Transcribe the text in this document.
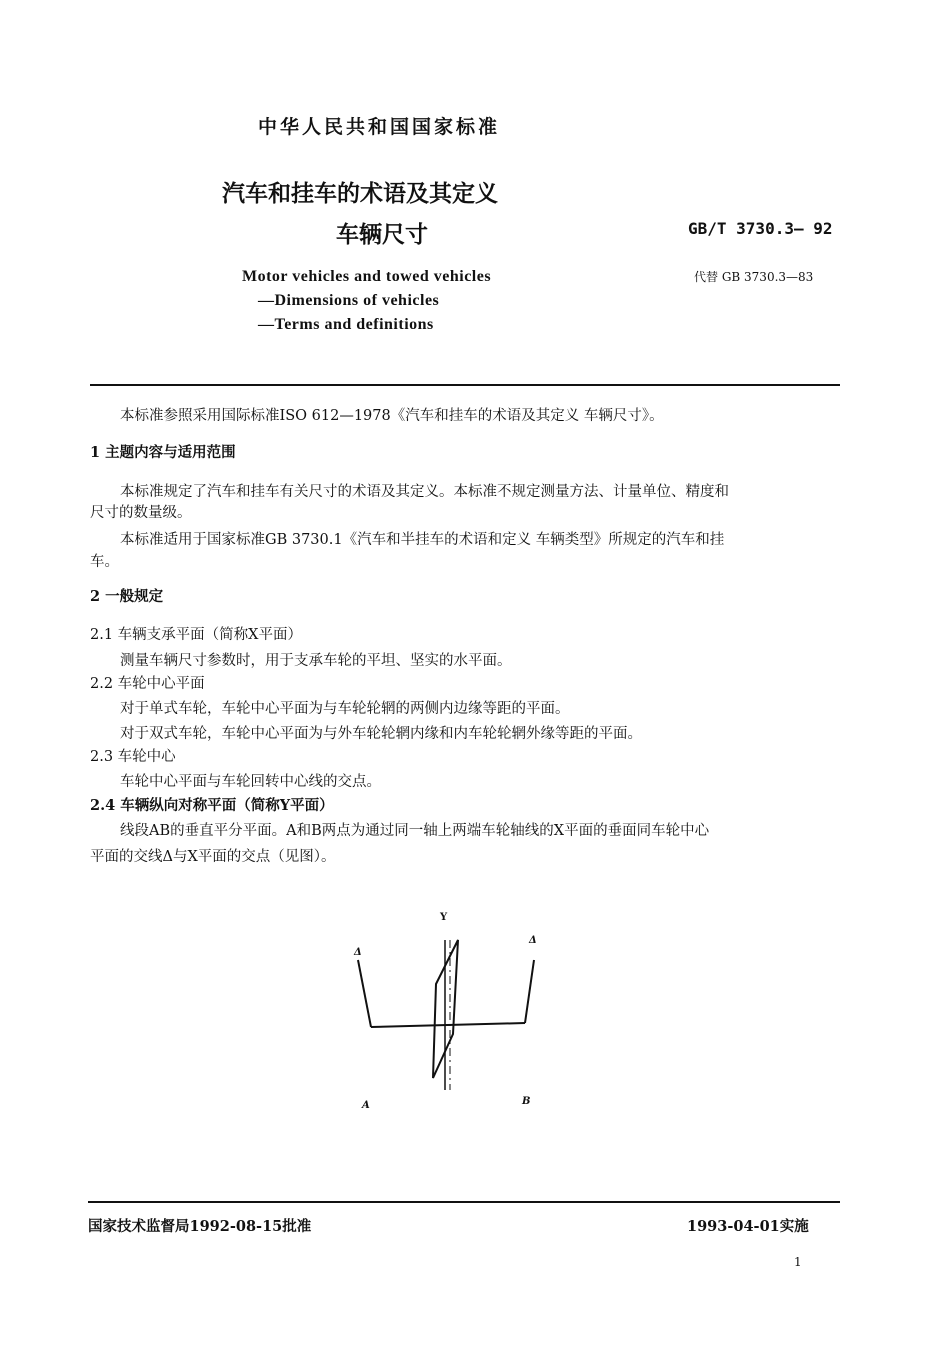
中华人民共和国国家标准
汽车和挂车的术语及其定义
车辆尺寸	GB/T 3730.3— 92
代替 GB 3730.3—83
Motor vehicles and towed vehicles
—Dimensions of vehicles
—Terms and definitions
本标准参照采用国际标准ISO 612—1978《汽车和挂车的术语及其定义 车辆尺寸》。
1 主题内容与适用范围
本标准规定了汽车和挂车有关尺寸的术语及其定义。本标准不规定测量方法、计量单位、精度和
尺寸的数量级。
本标准适用于国家标准GB 3730.1《汽车和半挂车的术语和定义 车辆类型》所规定的汽车和挂
车。
2 一般规定
2.1 车辆支承平面（简称X平面）
测量车辆尺寸参数时，用于支承车轮的平坦、坚实的水平面。
2.2 车轮中心平面
对于单式车轮，车轮中心平面为与车轮轮辋的两侧内边缘等距的平面。
对于双式车轮，车轮中心平面为与外车轮轮辋内缘和内车轮轮辋外缘等距的平面。
2.3 车轮中心
车轮中心平面与车轮回转中心线的交点。
2.4 车辆纵向对称平面（简称Y平面）
线段AB的垂直平分平面。A和B两点为通过同一轴上两端车轮轴线的X平面的垂面同车轮中心
平面的交线Δ与X平面的交点（见图）。
Y
Δ
Δ
A	B
国家技术监督局1992-08-15批准	1993-04-01实施
1
